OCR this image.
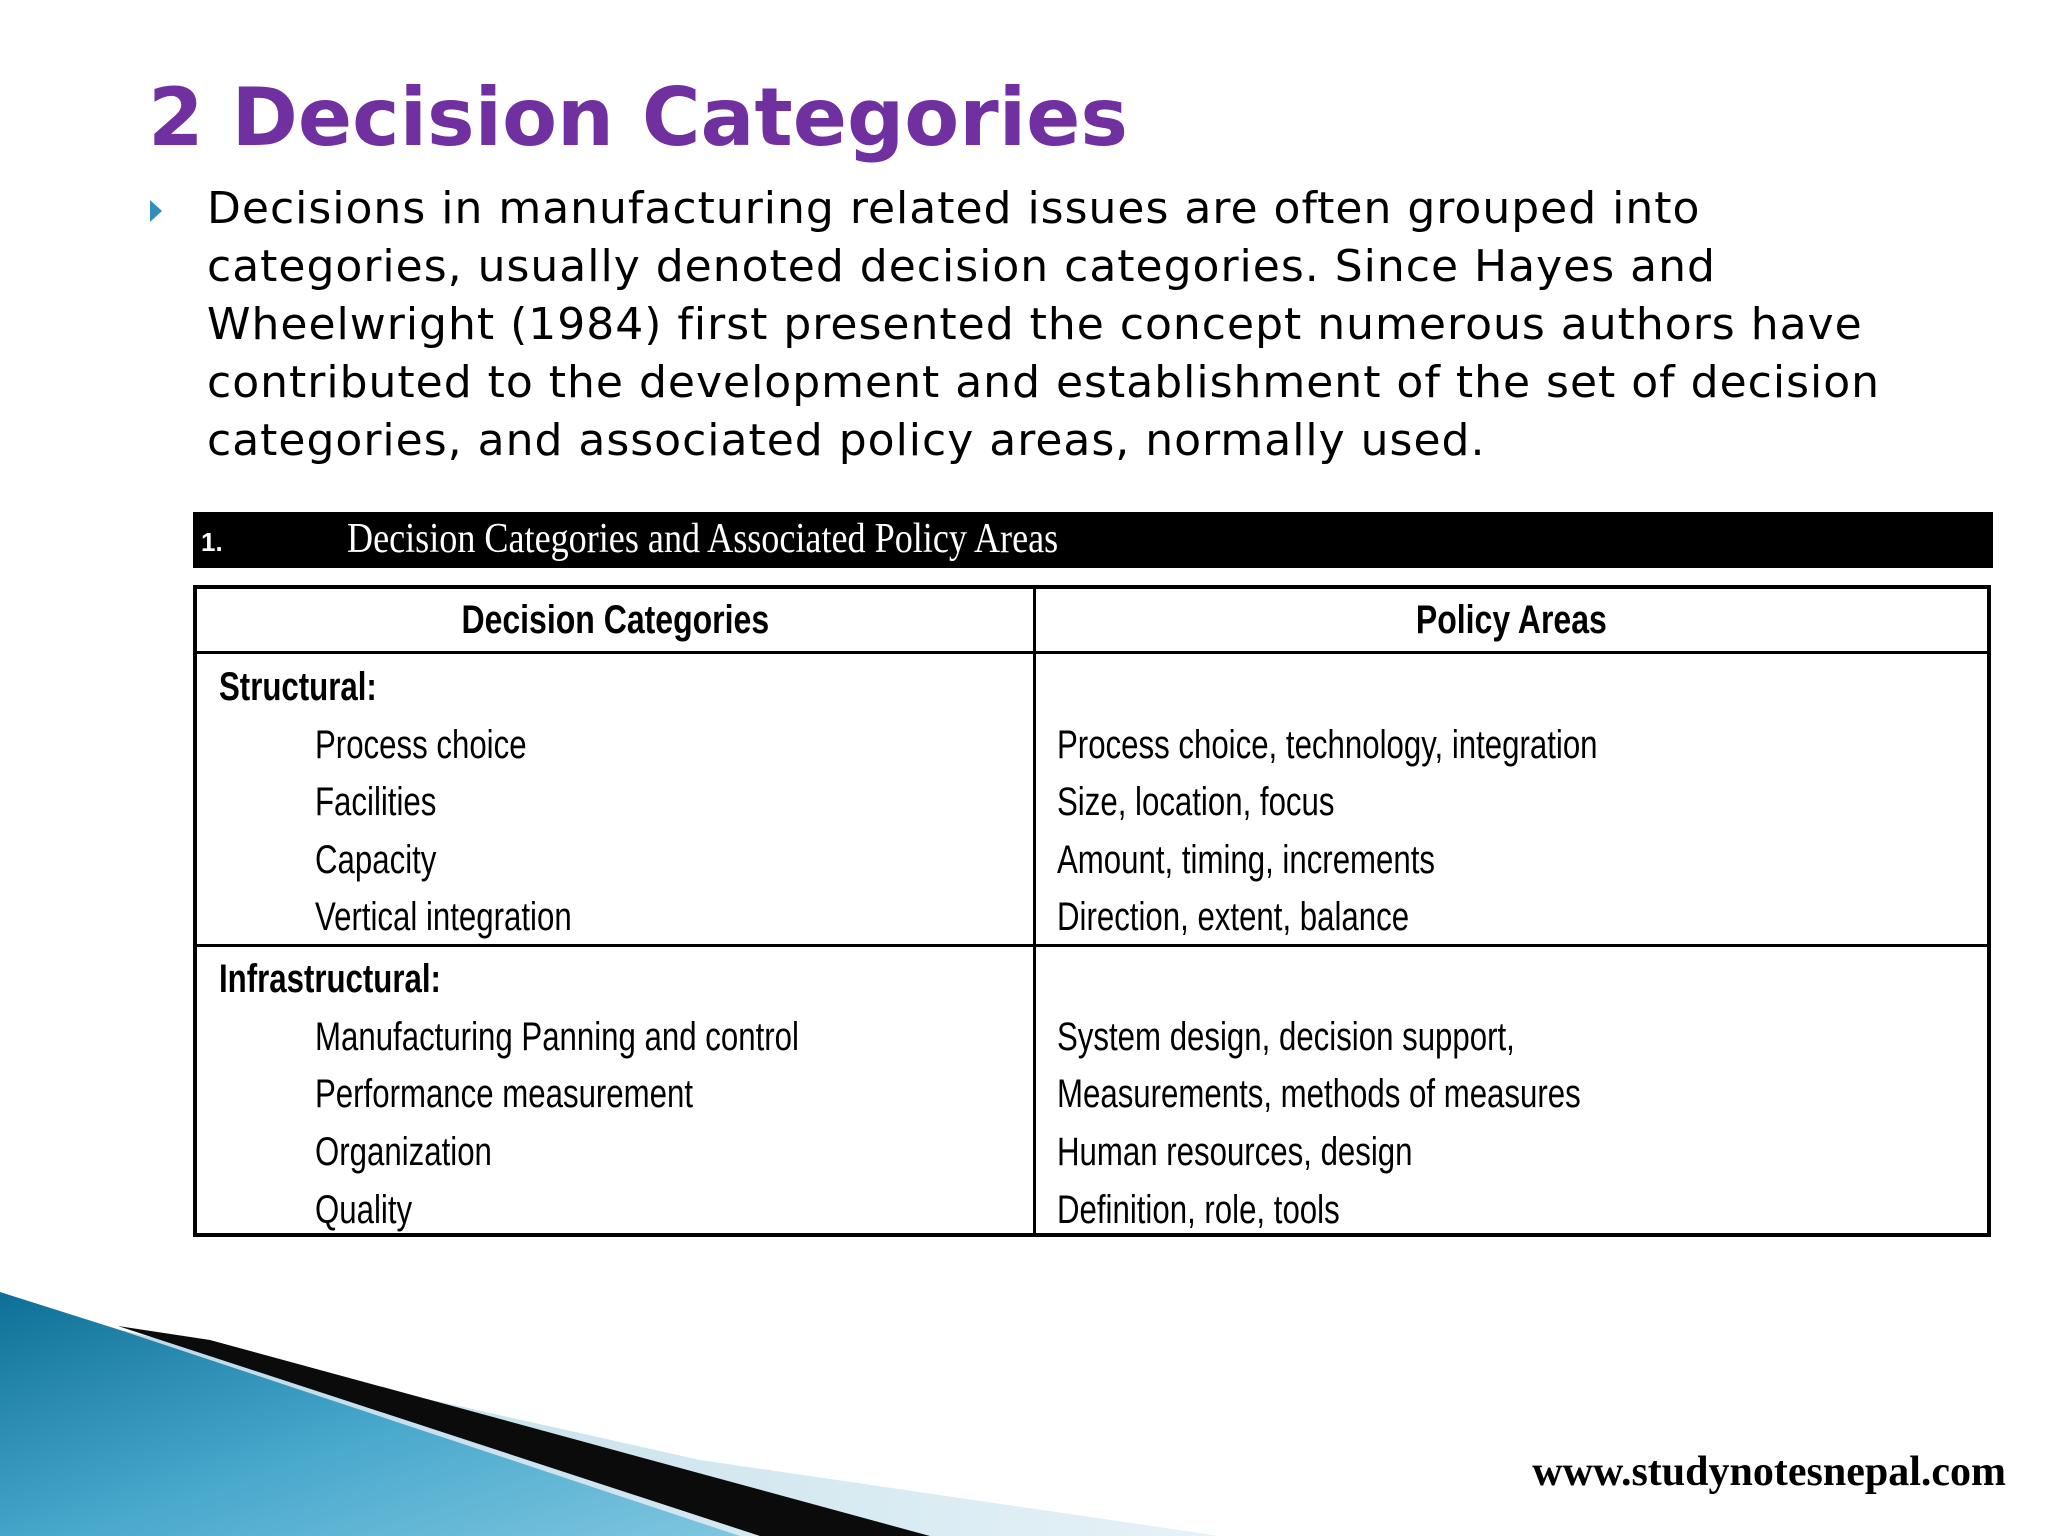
2 Decision Categories

Decisions in manufacturing related issues are often grouped into categories, usually denoted decision categories. Since Hayes and Wheelwright (1984) first presented the concept numerous authors have contributed to the development and establishment of the set of decision categories, and associated policy areas, normally used.

1.	Decision Categories and Associated Policy Areas
Decision Categories	Policy Areas

Structural:

Process choice	Process choice, technology, integration

Facilities	Size, location, focus

Capacity	Amount, timing, increments

Vertical integration	Direction, extent, balance

Infrastructural:

Manufacturing Panning and control	System design, decision support,

Performance measurement	Measurements, methods of measures

Organization	Human resources, design

Quality	Definition, role, tools

www.studynotesnepal.com
